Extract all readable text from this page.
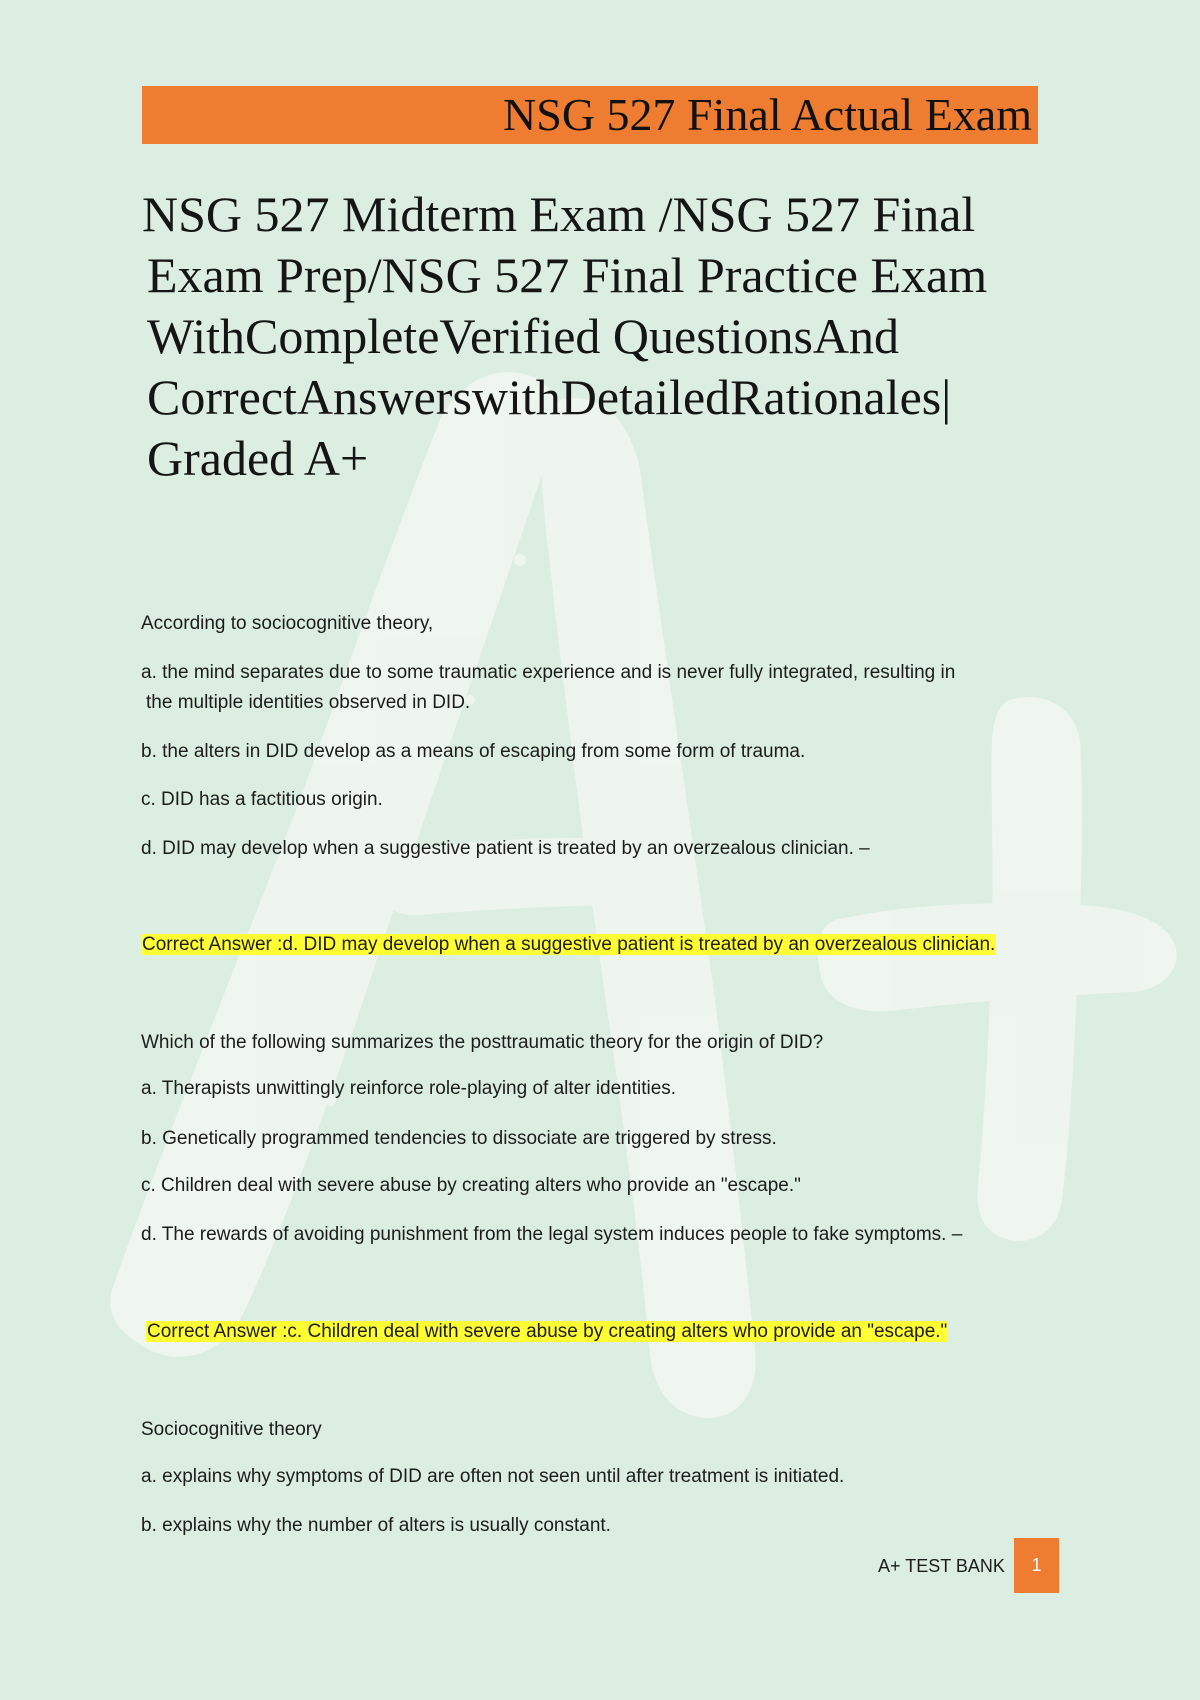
NSG 527 Final Actual Exam
NSG 527 Midterm Exam /NSG 527 Final
Exam Prep/NSG 527 Final Practice Exam
WithCompleteVerified QuestionsAnd
CorrectAnswerswithDetailedRationales|
Graded A+
According to sociocognitive theory,
a. the mind separates due to some traumatic experience and is never fully integrated, resulting in
the multiple identities observed in DID.
b. the alters in DID develop as a means of escaping from some form of trauma.
c. DID has a factitious origin.
d. DID may develop when a suggestive patient is treated by an overzealous clinician. –
Correct Answer :d. DID may develop when a suggestive patient is treated by an overzealous clinician.
Which of the following summarizes the posttraumatic theory for the origin of DID?
a. Therapists unwittingly reinforce role-playing of alter identities.
b. Genetically programmed tendencies to dissociate are triggered by stress.
c. Children deal with severe abuse by creating alters who provide an "escape."
d. The rewards of avoiding punishment from the legal system induces people to fake symptoms. –
Correct Answer :c. Children deal with severe abuse by creating alters who provide an "escape."
Sociocognitive theory
a. explains why symptoms of DID are often not seen until after treatment is initiated.
b. explains why the number of alters is usually constant.
A+ TEST BANK	1
